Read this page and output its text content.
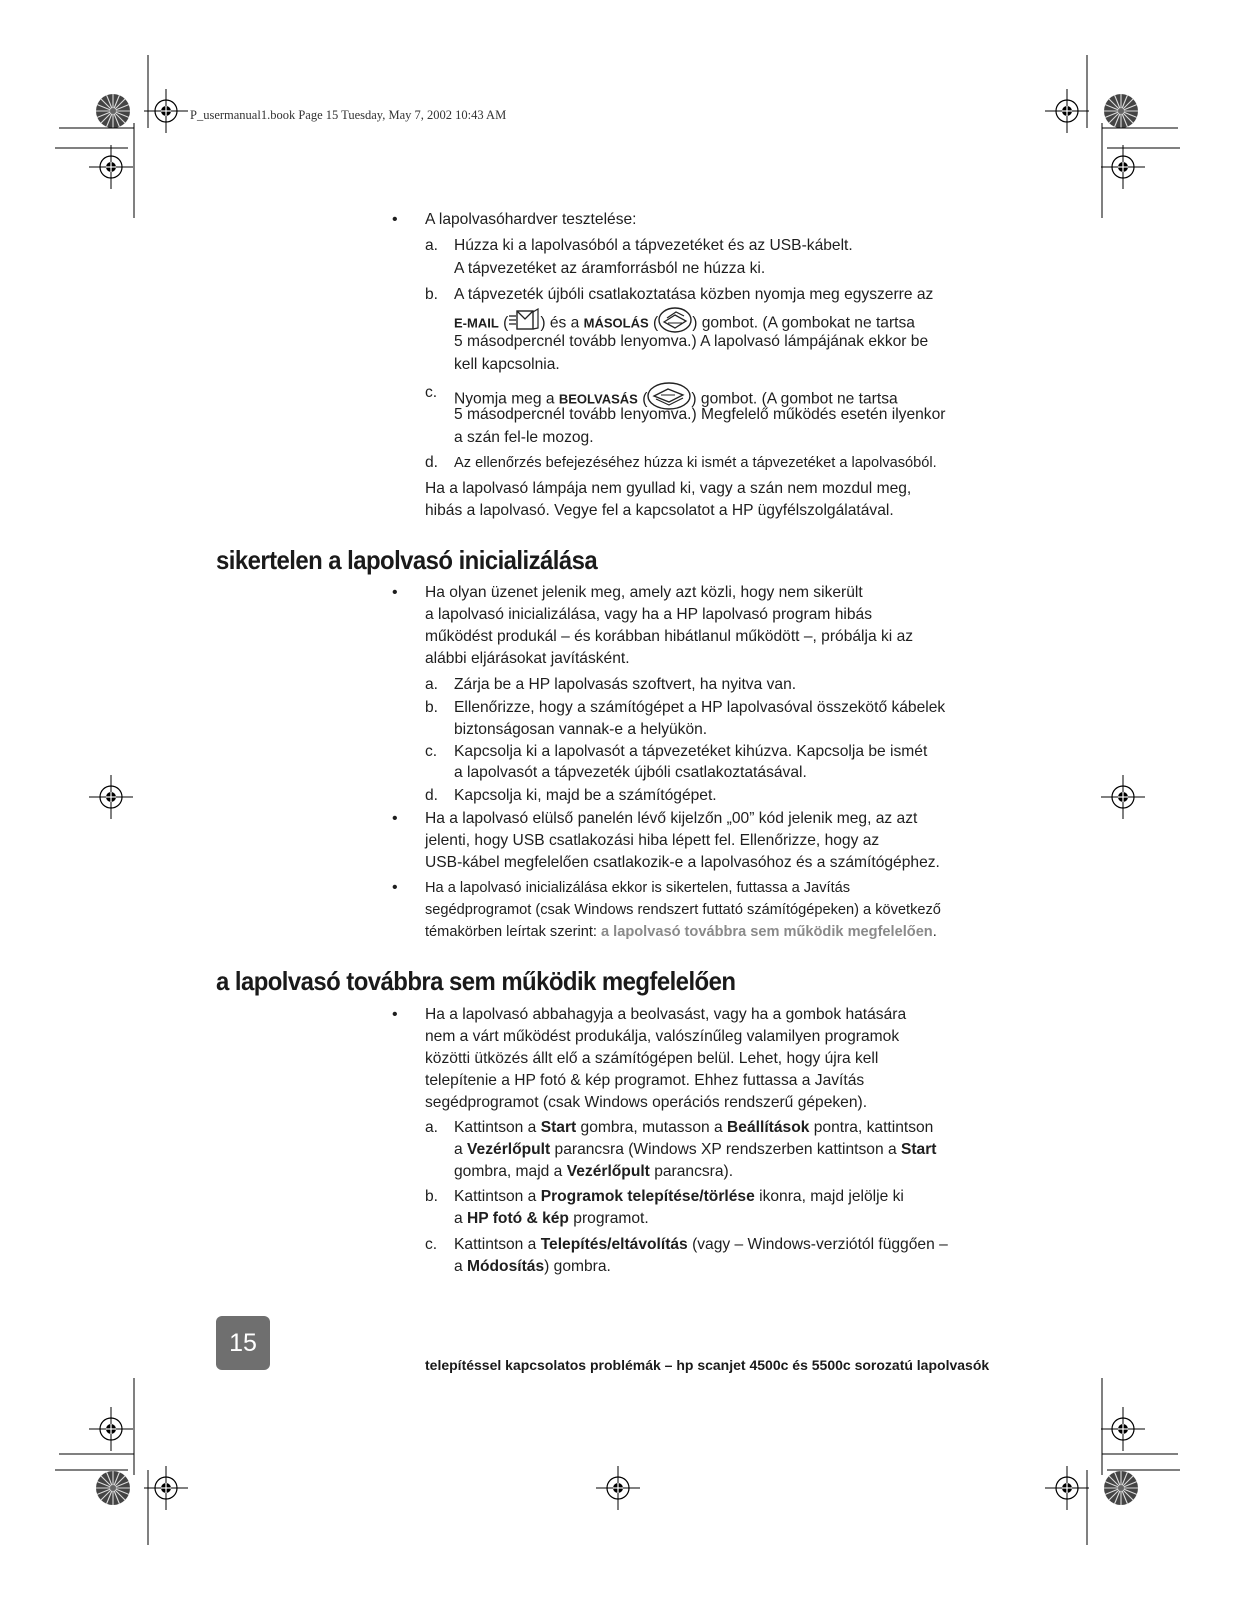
P_usermanual1.book Page 15 Tuesday, May 7, 2002 10:43 AM
• A lapolvasóhardver tesztelése:
a. Húzza ki a lapolvasóból a tápvezetéket és az USB-kábelt.
A tápvezetéket az áramforrásból ne húzza ki.
b. A tápvezeték újbóli csatlakoztatása közben nyomja meg egyszerre az
E-MAIL ( ) és a MÁSOLÁS ( ) gombot. (A gombokat ne tartsa
5 másodpercnél tovább lenyomva.) A lapolvasó lámpájának ekkor be
kell kapcsolnia.
c. Nyomja meg a BEOLVASÁS (	) gombot. (A gombot ne tartsa
5 másodpercnél tovább lenyomva.) Megfelelő működés esetén ilyenkor
a szán fel-le mozog.
d. Az ellenőrzés befejezéséhez húzza ki ismét a tápvezetéket a lapolvasóból.
Ha a lapolvasó lámpája nem gyullad ki, vagy a szán nem mozdul meg,
hibás a lapolvasó. Vegye fel a kapcsolatot a HP ügyfélszolgálatával.
sikertelen a lapolvasó inicializálása
• Ha olyan üzenet jelenik meg, amely azt közli, hogy nem sikerült
a lapolvasó inicializálása, vagy ha a HP lapolvasó program hibás
működést produkál – és korábban hibátlanul működött –, próbálja ki az
alábbi eljárásokat javításként.
a. Zárja be a HP lapolvasás szoftvert, ha nyitva van.
b. Ellenőrizze, hogy a számítógépet a HP lapolvasóval összekötő kábelek
biztonságosan vannak-e a helyükön.
c. Kapcsolja ki a lapolvasót a tápvezetéket kihúzva. Kapcsolja be ismét
a lapolvasót a tápvezeték újbóli csatlakoztatásával.
d. Kapcsolja ki, majd be a számítógépet.
• Ha a lapolvasó elülső panelén lévő kijelzőn „00” kód jelenik meg, az azt
jelenti, hogy USB csatlakozási hiba lépett fel. Ellenőrizze, hogy az
USB-kábel megfelelően csatlakozik-e a lapolvasóhoz és a számítógéphez.
• Ha a lapolvasó inicializálása ekkor is sikertelen, futtassa a Javítás
segédprogramot (csak Windows rendszert futtató számítógépeken) a következő
témakörben leírtak szerint: a lapolvasó továbbra sem működik megfelelően.
a lapolvasó továbbra sem működik megfelelően
• Ha a lapolvasó abbahagyja a beolvasást, vagy ha a gombok hatására
nem a várt működést produkálja, valószínűleg valamilyen programok
közötti ütközés állt elő a számítógépen belül. Lehet, hogy újra kell
telepítenie a HP fotó & kép programot. Ehhez futtassa a Javítás
segédprogramot (csak Windows operációs rendszerű gépeken).
a. Kattintson a Start gombra, mutasson a Beállítások pontra, kattintson
a Vezérlőpult parancsra (Windows XP rendszerben kattintson a Start
gombra, majd a Vezérlőpult parancsra).
b. Kattintson a Programok telepítése/törlése ikonra, majd jelölje ki
a HP fotó & kép programot.
c. Kattintson a Telepítés/eltávolítás (vagy – Windows-verziótól függően –
a Módosítás) gombra.
15
telepítéssel kapcsolatos problémák – hp scanjet 4500c és 5500c sorozatú lapolvasók
